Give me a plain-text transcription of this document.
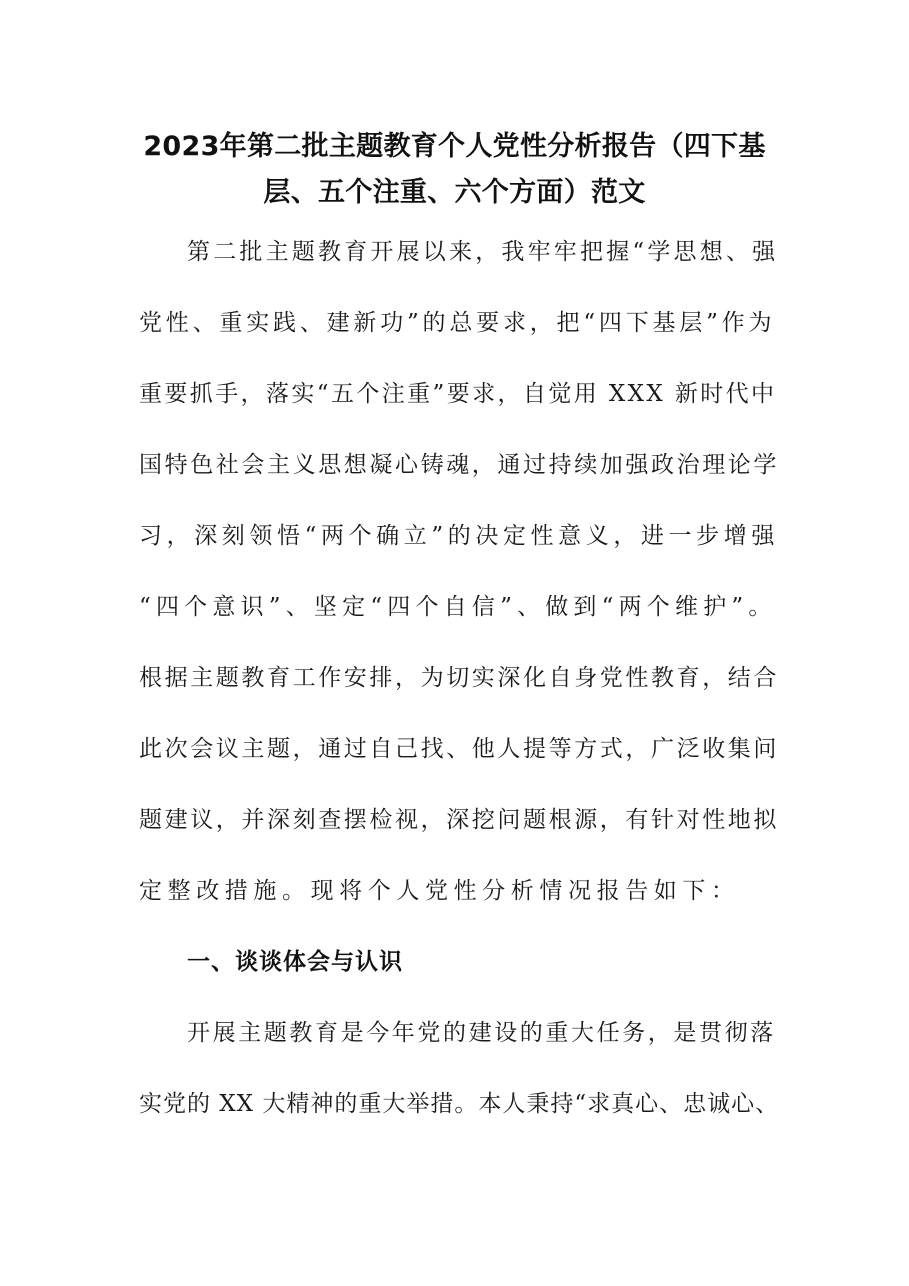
2023年第二批主题教育个人党性分析报告（四下基
层、五个注重、六个方面）范文

第二批主题教育开展以来，我牢牢把握“学思想、强

党性、重实践、建新功”的总要求，把“四下基层”作为

重要抓手，落实“五个注重”要求，自觉用 XXX 新时代中

国特色社会主义思想凝心铸魂，通过持续加强政治理论学

习，深刻领悟“两个确立”的决定性意义，进一步增强

“四个意识”、坚定“四个自信”、做到“两个维护”。

根据主题教育工作安排，为切实深化自身党性教育，结合

此次会议主题，通过自己找、他人提等方式，广泛收集问

题建议，并深刻查摆检视，深挖问题根源，有针对性地拟

定整改措施。现将个人党性分析情况报告如下：

一、谈谈体会与认识

开展主题教育是今年党的建设的重大任务，是贯彻落

实党的 XX 大精神的重大举措。本人秉持“求真心、忠诚心、
